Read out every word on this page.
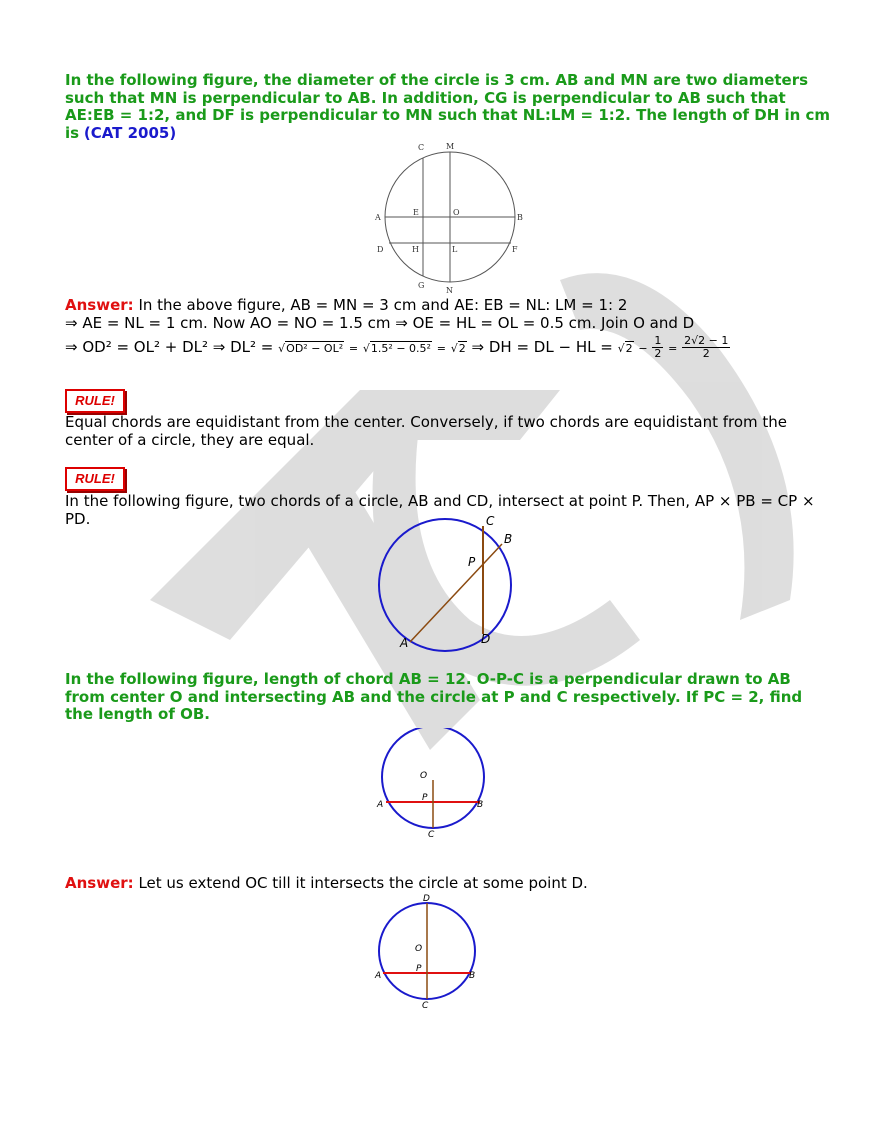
In the following figure, the diameter of the circle is 3 cm. AB and MN are two diameters such that MN is perpendicular to AB. In addition, CG is perpendicular to AB such that AE:EB = 1:2, and DF is perpendicular to MN such that NL:LM = 1:2. The length of DH in cm is (CAT 2005)
C	M
A
E	O
B
D	H	L	F
G
N
Answer: In the above figure, AB = MN = 3 cm and AE: EB = NL: LM = 1: 2
⇒ AE = NL = 1 cm. Now AO = NO = 1.5 cm ⇒ OE = HL = OL = 0.5 cm. Join O and D
⇒ OD² = OL² + DL² ⇒ DL² = √OD² − OL² = √1.5² − 0.5² = √2 ⇒ DH = DL − HL = $√2 - \frac{1}{2} = \frac{2√2 - 1}{2}$
RULE!
Equal chords are equidistant from the center. Conversely, if two chords are equidistant from the center of a circle, they are equal.
RULE!
In the following figure, two chords of a circle, AB and CD, intersect at point P. Then, AP × PB = CP × PD.	C
B
P
A	D
In the following figure, length of chord AB = 12. O-P-C is a perpendicular drawn to AB from center O and intersecting AB and the circle at P and C respectively. If PC = 2, find the length of OB.
O
P
A	B
C
Answer: Let us extend OC till it intersects the circle at some point D.
D
O
P
A	B
C
